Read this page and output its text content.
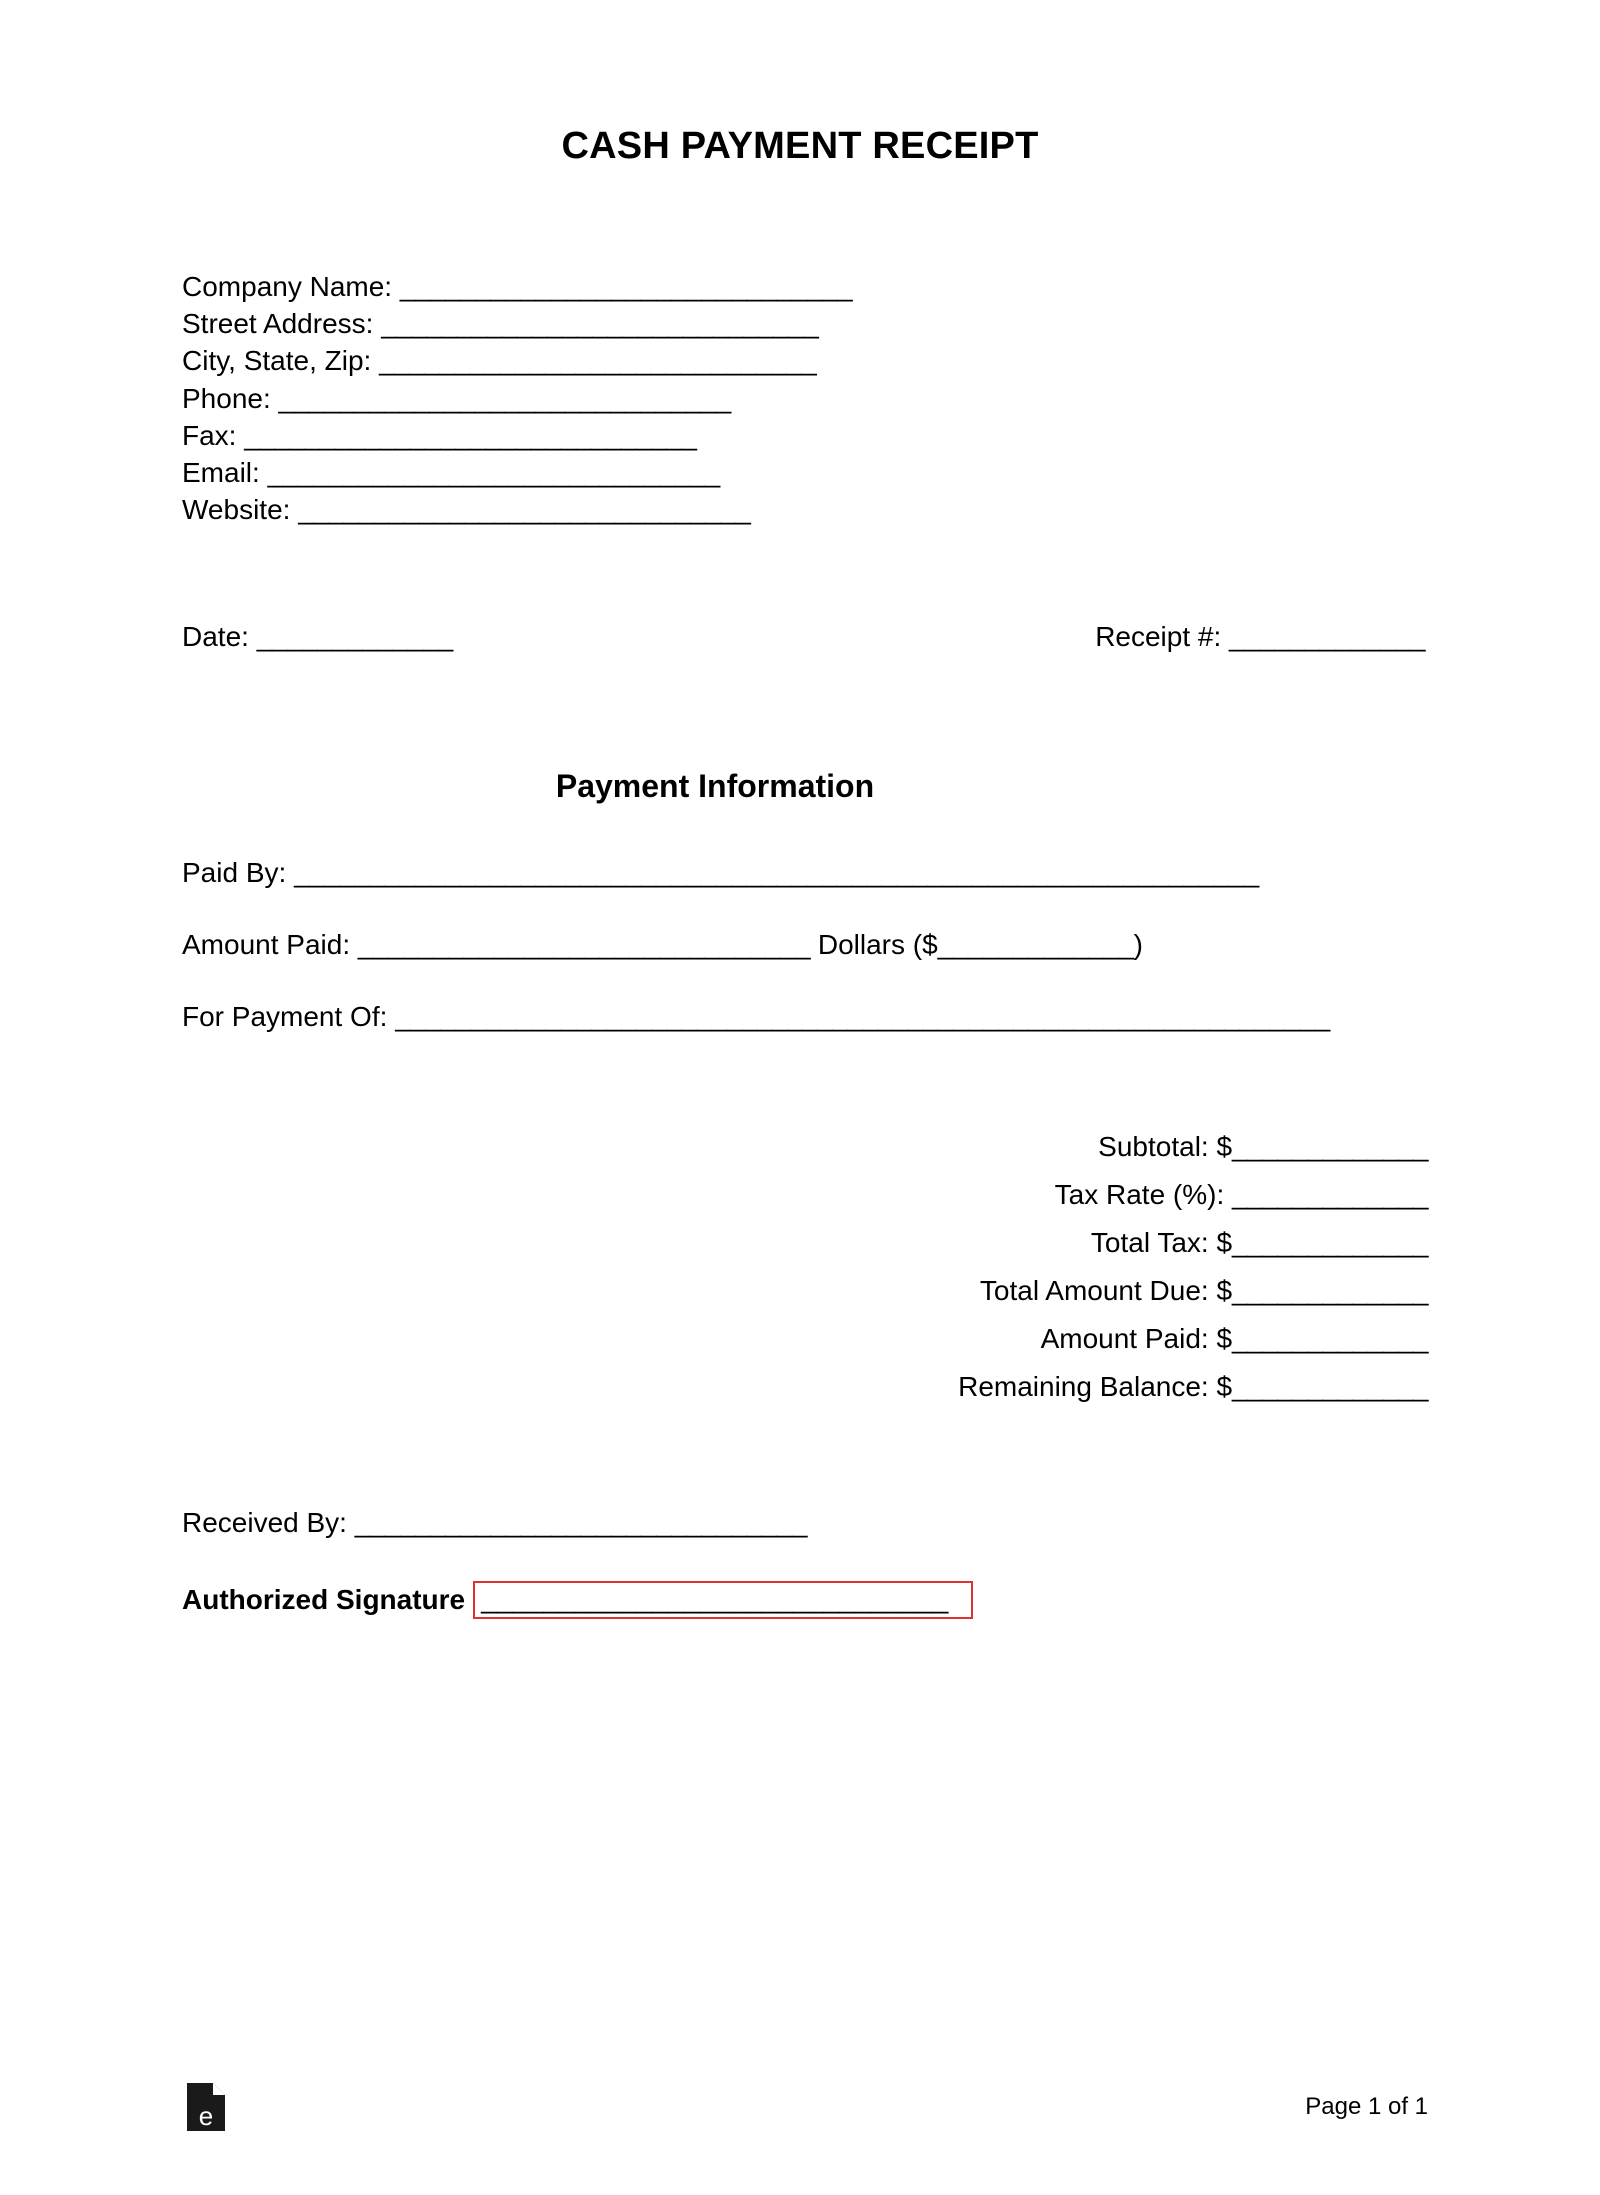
CASH PAYMENT RECEIPT
Company Name: ______________________________
Street Address: _____________________________
City, State, Zip: _____________________________
Phone: ______________________________
Fax: ______________________________
Email: ______________________________
Website: ______________________________
Date: _____________	Receipt #: _____________
Payment Information
Paid By: ________________________________________________________________
Amount Paid: ______________________________ Dollars ($_____________)
For Payment Of: ______________________________________________________________
Subtotal: $_____________
Tax Rate (%): _____________
Total Tax: $_____________
Total Amount Due: $_____________
Amount Paid: $_____________
Remaining Balance: $_____________
Received By: ______________________________
Authorized Signature ______________________________
e	Page 1 of 1
